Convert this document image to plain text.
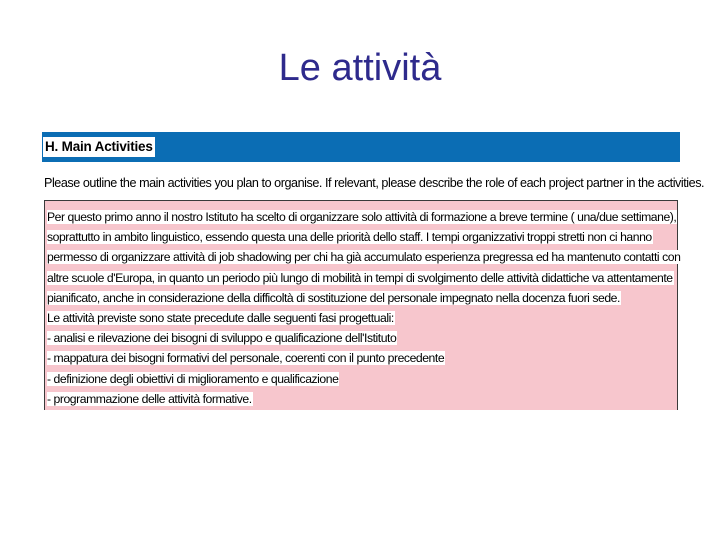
Le attività
H. Main Activities
Please outline the main activities you plan to organise. If relevant, please describe the role of each project partner in the activities.
Per questo primo anno il nostro Istituto ha scelto di organizzare solo attività di formazione a breve termine ( una/due settimane),
soprattutto in ambito linguistico, essendo questa una delle priorità dello staff. I tempi organizzativi troppi stretti non ci hanno
permesso di organizzare attività di job shadowing per chi ha già accumulato esperienza pregressa ed ha mantenuto contatti con
altre scuole d'Europa, in quanto un periodo più lungo di mobilità in tempi di svolgimento delle attività didattiche va attentamente
pianificato, anche in considerazione della difficoltà di sostituzione del personale impegnato nella docenza fuori sede.
Le attività previste sono state precedute dalle seguenti fasi progettuali:
- analisi e rilevazione dei bisogni di sviluppo e qualificazione dell'Istituto
- mappatura dei bisogni formativi del personale, coerenti con il punto precedente
- definizione degli obiettivi di miglioramento e qualificazione
- programmazione delle attività formative.
